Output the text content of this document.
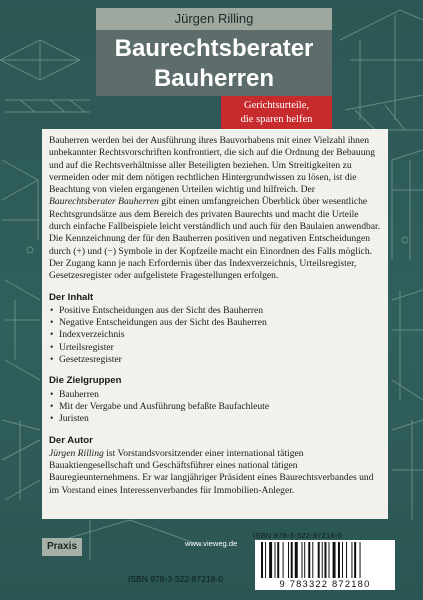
Jürgen Rilling
Baurechtsberater
Bauherren
Gerichtsurteile,
die sparen helfen

Bauherren werden bei der Ausführung ihres Bauvorhabens mit einer Vielzahl ihnen unbekannter Rechtsvorschriften konfrontiert, die sich auf die Ordnung der Bebauung und auf die Rechtsverhältnisse aller Beteiligten beziehen. Um Streitigkeiten zu vermeiden oder mit dem nötigen rechtlichen Hintergrundwissen zu lösen, ist die Beachtung von vielen ergangenen Urteilen wichtig und hilfreich. Der Baurechtsberater Bauherren gibt einen umfangreichen Überblick über wesentliche Rechtsgrundsätze aus dem Bereich des privaten Baurechts und macht die Urteile durch einfache Fallbeispiele leicht verständlich und auch für den Baulaien anwendbar. Die Kennzeichnung der für den Bauherren positiven und negativen Entscheidungen durch (+) und (−) Symbole in der Kopfzeile macht ein Einordnen des Falls möglich. Der Zugang kann je nach Erfordernis über das Indexverzeichnis, Urteilsregister, Gesetzesregister oder aufgelistete Fragestellungen erfolgen.

Der Inhalt
• Positive Entscheidungen aus der Sicht des Bauherren
• Negative Entscheidungen aus der Sicht des Bauherren
• Indexverzeichnis
• Urteilsregister
• Gesetzesregister
Die Zielgruppen
• Bauherren
• Mit der Vergabe und Ausführung befaßte Baufachleute
• Juristen
Der Autor

Jürgen Rilling ist Vorstandsvorsitzender einer international tätigen Bauaktiengesellschaft und Geschäftsführer eines national tätigen Bauregieunternehmens. Er war langjähriger Präsident eines Baurechtsverbandes und im Vorstand eines Interessenverbandes für Immobilien-Anleger.

Praxis	www.vieweg.de
ISBN 978-3-322-87218-0
9 783322 872180
ISBN 978-3-322-87218-0
